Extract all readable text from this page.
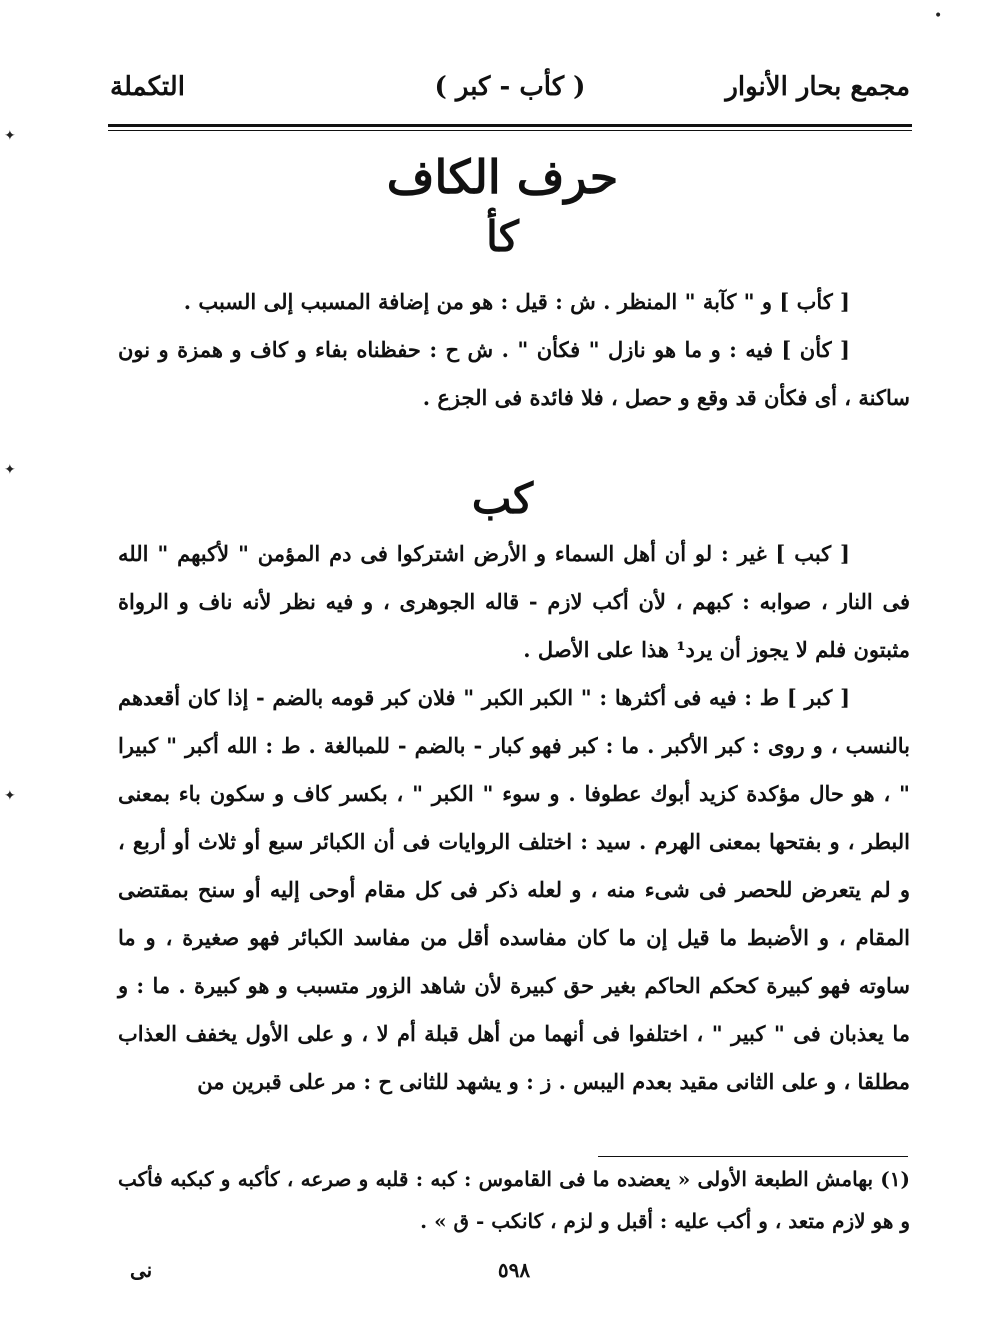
مجمع بحار الأنوار
( كأب - كبر )
التكملة
حرف الكاف
كأ

[ كأب ] و " كآبة " المنظر . ش : قيل : هو من إضافة المسبب إلى السبب .

[ كأن ] فيه : و ما هو نازل " فكأن " . ش ح : حفظناه بفاء و كاف و همزة و نون ساكنة ، أى فكأن قد وقع و حصل ، فلا فائدة فى الجزع .

كب

[ كبب ] غير : لو أن أهل السماء و الأرض اشتركوا فى دم المؤمن " لأكبهم " الله فى النار ، صوابه : كبهم ، لأن أكب لازم - قاله الجوهرى ، و فيه نظر لأنه ناف و الرواة مثبتون فلم لا يجوز أن يرد¹ هذا على الأصل .

[ كبر ] ط : فيه فى أكثرها : " الكبر الكبر " فلان كبر قومه بالضم - إذا كان أقعدهم بالنسب ، و روى : كبر الأكبر . ما : كبر فهو كبار - بالضم - للمبالغة . ط : الله أكبر " كبيرا " ، هو حال مؤكدة كزيد أبوك عطوفا . و سوء " الكبر " ، بكسر كاف و سكون باء بمعنى البطر ، و بفتحها بمعنى الهرم . سيد : اختلف الروايات فى أن الكبائر سبع أو ثلاث أو أربع ، و لم يتعرض للحصر فى شىء منه ، و لعله ذكر فى كل مقام أوحى إليه أو سنح بمقتضى المقام ، و الأضبط ما قيل إن ما كان مفاسده أقل من مفاسد الكبائر فهو صغيرة ، و ما ساوته فهو كبيرة كحكم الحاكم بغير حق كبيرة لأن شاهد الزور متسبب و هو كبيرة . ما : و ما يعذبان فى " كبير " ، اختلفوا فى أنهما من أهل قبلة أم لا ، و على الأول يخفف العذاب مطلقا ، و على الثانى مقيد بعدم اليبس . ز : و يشهد للثانى ح : مر على قبرين من

(١) بهامش الطبعة الأولى « يعضده ما فى القاموس : كبه : قلبه و صرعه ، كأكبه و كبكبه فأكب و هو لازم متعد ، و أكب عليه : أقبل و لزم ، كانكب - ق » .

٥٩٨
نى
✦
✦
✦
•
